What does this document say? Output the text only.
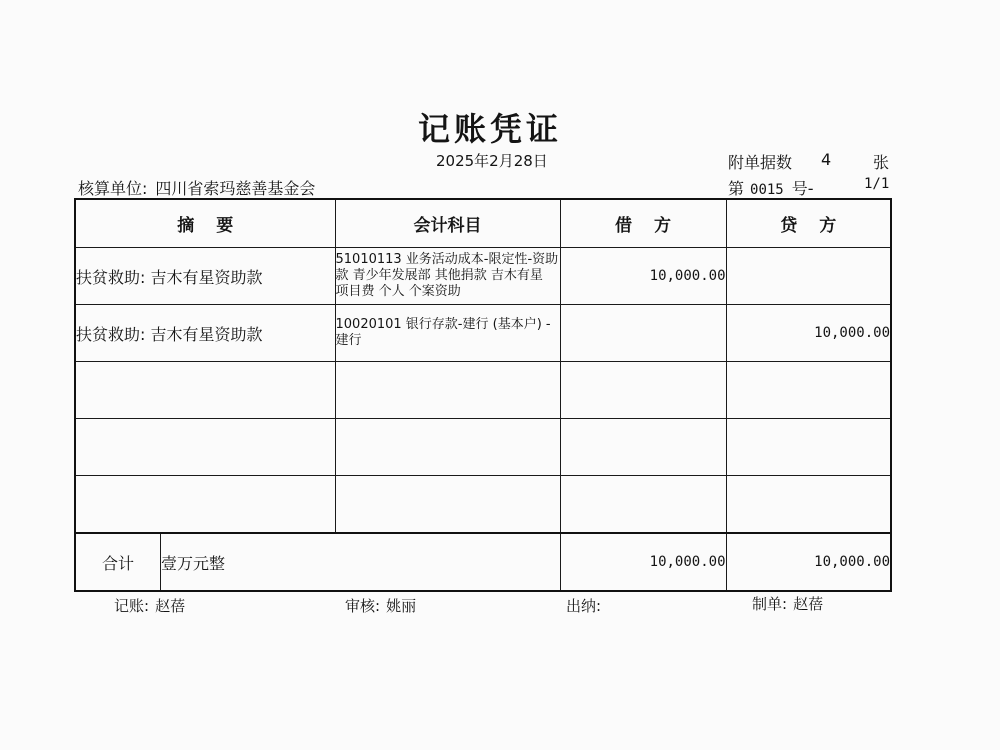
记账凭证
2025年2月28日	附单据数 4	张
核算单位: 四川省索玛慈善基金会	第 0015 号-	1/1
摘要	会计科目	借方	贷方
扶贫救助: 吉木有星资助款	51010113 业务活动成本-限定性-资助款 青少年发展部 其他捐款 吉木有星 项目费 个人 个案资助	10,000.00	
扶贫救助: 吉木有星资助款	10020101 银行存款-建行 (基本户) -建行		10,000.00

合计 壹万元整		10,000.00	10,000.00
记账: 赵蓓	审核: 姚丽	出纳:	制单: 赵蓓
